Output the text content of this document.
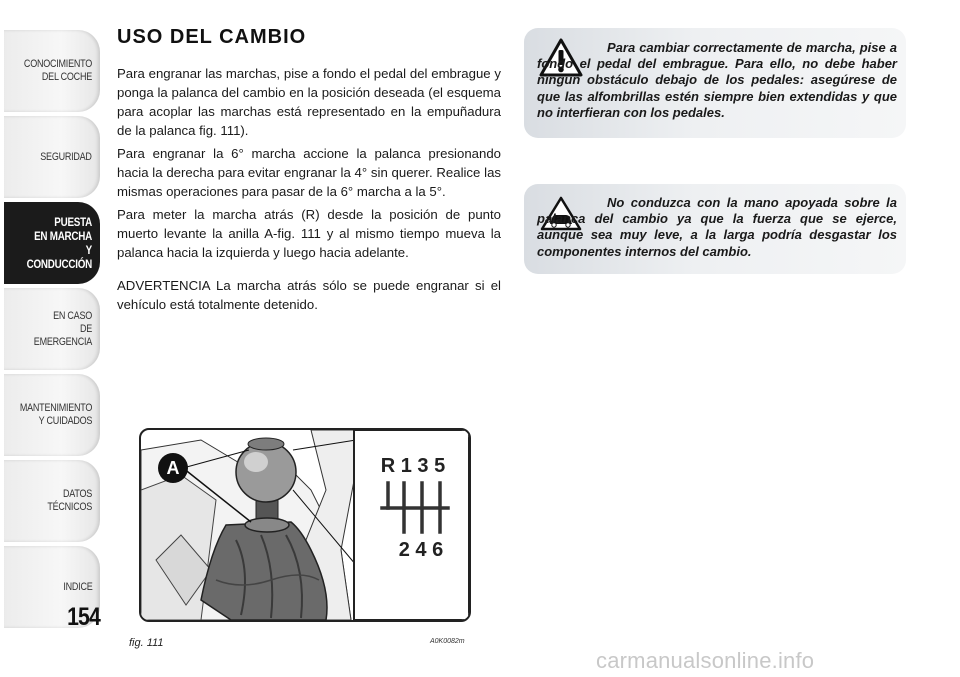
CONOCIMIENTO
DEL COCHE
SEGURIDAD
PUESTA
EN MARCHA
Y CONDUCCIÓN
EN CASO
DE EMERGENCIA
MANTENIMIENTO
Y CUIDADOS
DATOS TÉCNICOS
INDICE
154
USO DEL CAMBIO

Para engranar las marchas, pise a fondo el pedal del embrague y ponga la palanca del cambio en la posición deseada (el esquema para acoplar las marchas está representado en la empuñadura de la palanca fig. 111).

Para engranar la 6° marcha accione la palanca presionando hacia la derecha para evitar engranar la 4° sin querer. Realice las mismas operaciones para pasar de la 6° marcha a la 5°.

Para meter la marcha atrás (R) desde la posición de punto muerto levante la anilla A-fig. 111 y al mismo tiempo mueva la palanca hacia la izquierda y luego hacia adelante.

ADVERTENCIA La marcha atrás sólo se puede engranar si el vehículo está totalmente detenido.

Para cambiar correctamente de marcha, pise a fondo el pedal del embrague. Para ello, no debe haber ningún obstáculo debajo de los pedales: asegúrese de que las alfombrillas estén siempre bien extendidas y que no interfieran con los pedales.

No conduzca con la mano apoyada sobre la palanca del cambio ya que la fuerza que se ejerce, aunque sea muy leve, a la larga podría desgastar los componentes internos del cambio.

A	R 1 3 5
2 4 6
fig. 111	A0K0082m
carmanualsonline.info
